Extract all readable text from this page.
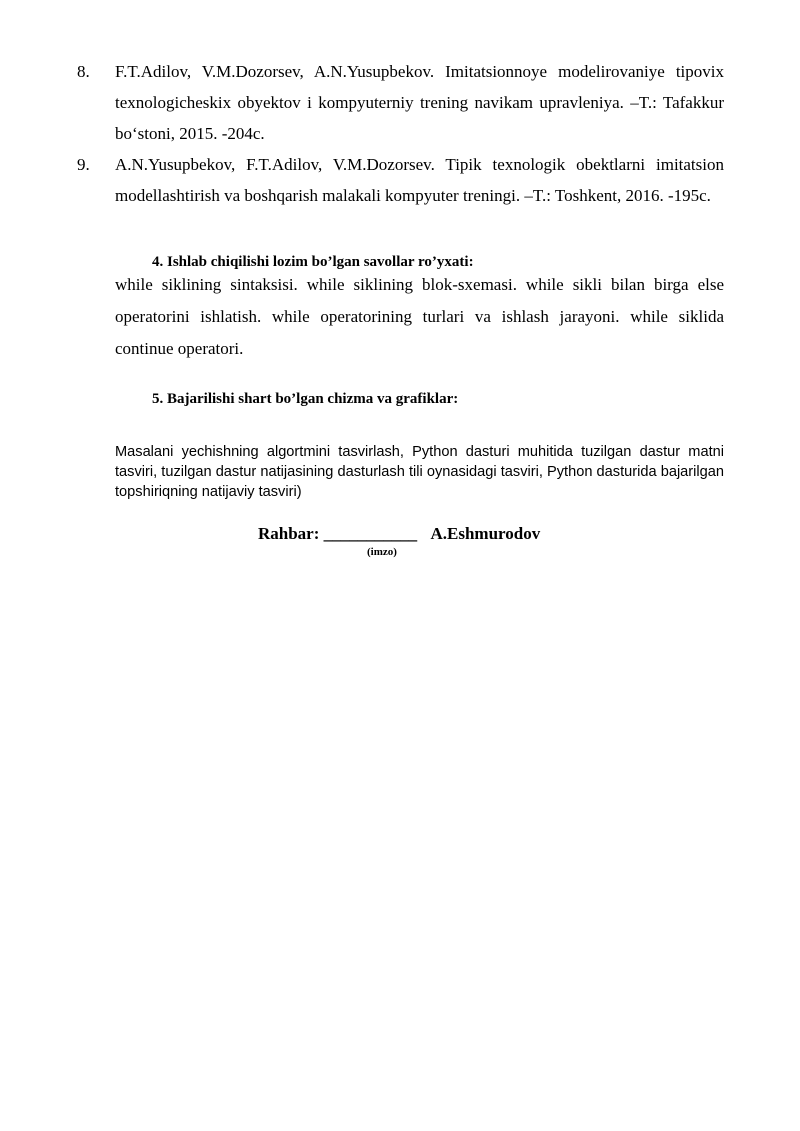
8.	F.T.Adilov, V.M.Dozorsev, A.N.Yusupbekov. Imitatsionnoye modelirovaniye tipovix texnologicheskix obyektov i kompyuterniy trening navikam upravleniya. –T.: Tafakkur bo‘stoni, 2015. -204c.
9.	A.N.Yusupbekov, F.T.Adilov, V.M.Dozorsev. Tipik texnologik obektlarni imitatsion modellashtirish va boshqarish malakali kompyuter treningi. –T.: Toshkent, 2016. -195c.
4. Ishlab chiqilishi lozim bo’lgan savollar ro’yxati:

while siklining sintaksisi. while siklining blok-sxemasi. while sikli bilan birga else operatorini ishlatish. while operatorining turlari va ishlash jarayoni. while siklida continue operatori.

5. Bajarilishi shart bo’lgan chizma va grafiklar:

Masalani yechishning algortmini tasvirlash, Python dasturi muhitida tuzilgan dastur matni tasviri, tuzilgan dastur natijasining dasturlash tili oynasidagi tasviri, Python dasturida bajarilgan topshiriqning natijaviy tasviri)

Rahbar: ___________ A.Eshmurodov
(imzo)
